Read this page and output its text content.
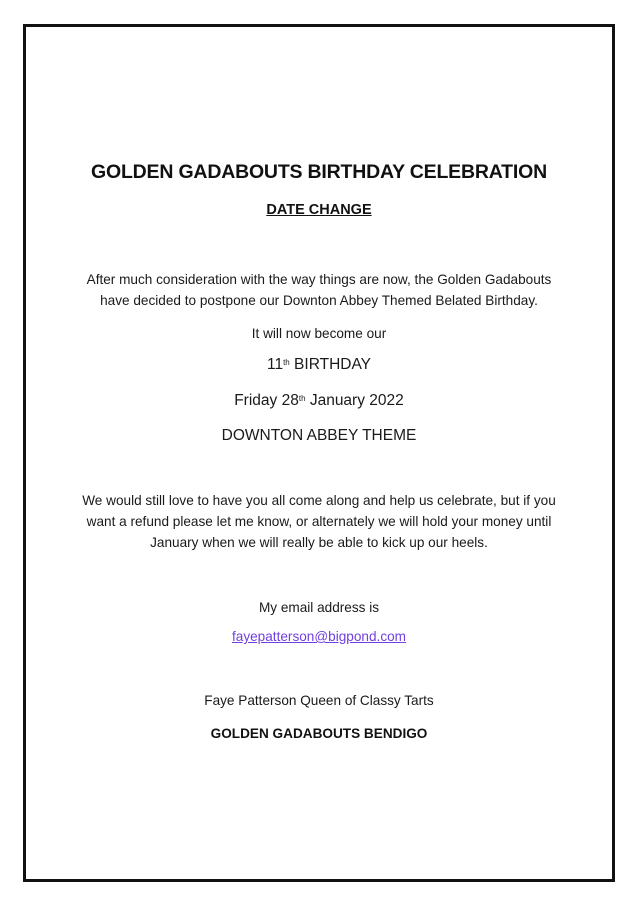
GOLDEN GADABOUTS BIRTHDAY CELEBRATION
DATE CHANGE
After much consideration with the way things are now, the Golden Gadabouts
have decided to postpone our Downton Abbey Themed Belated Birthday.
It will now become our
11th BIRTHDAY
Friday 28th January 2022
DOWNTON ABBEY THEME
We would still love to have you all come along and help us celebrate, but if you
want a refund please let me know, or alternately we will hold your money until
January when we will really be able to kick up our heels.
My email address is
fayepatterson@bigpond.com
Faye Patterson Queen of Classy Tarts
GOLDEN GADABOUTS BENDIGO
